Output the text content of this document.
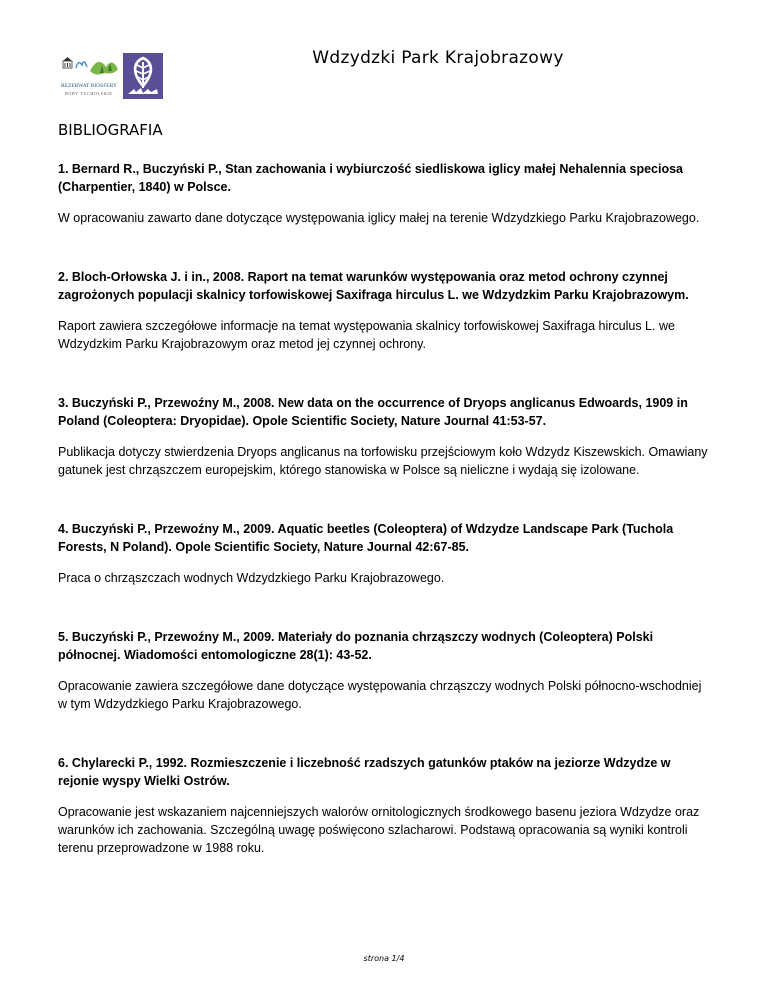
REZERWAT BIOSFERY
BORY TUCHOLSKIE
Wdzydzki Park Krajobrazowy
BIBLIOGRAFIA

1. Bernard R., Buczyński P., Stan zachowania i wybiurczość siedliskowa iglicy małej Nehalennia speciosa (Charpentier, 1840) w Polsce.

W opracowaniu zawarto dane dotyczące występowania iglicy małej na terenie Wdzydzkiego Parku Krajobrazowego.

2. Bloch-Orłowska J. i in., 2008. Raport na temat warunków występowania oraz metod ochrony czynnej zagrożonych populacji skalnicy torfowiskowej Saxifraga hirculus L. we Wdzydzkim Parku Krajobrazowym.

Raport zawiera szczegółowe informacje na temat występowania skalnicy torfowiskowej Saxifraga hirculus L. we Wdzydzkim Parku Krajobrazowym oraz metod jej czynnej ochrony.

3. Buczyński P., Przewoźny M., 2008. New data on the occurrence of Dryops anglicanus Edwoards, 1909 in Poland (Coleoptera: Dryopidae). Opole Scientific Society, Nature Journal 41:53-57.

Publikacja dotyczy stwierdzenia Dryops anglicanus na torfowisku przejściowym koło Wdzydz Kiszewskich. Omawiany gatunek jest chrząszczem europejskim, którego stanowiska w Polsce są nieliczne i wydają się izolowane.

4. Buczyński P., Przewoźny M., 2009. Aquatic beetles (Coleoptera) of Wdzydze Landscape Park (Tuchola Forests, N Poland). Opole Scientific Society, Nature Journal 42:67-85.

Praca o chrząszczach wodnych Wdzydzkiego Parku Krajobrazowego.

5. Buczyński P., Przewoźny M., 2009. Materiały do poznania chrząszczy wodnych (Coleoptera) Polski północnej. Wiadomości entomologiczne 28(1): 43-52.

Opracowanie zawiera szczegółowe dane dotyczące występowania chrząszczy wodnych Polski północno-wschodniej w tym Wdzydzkiego Parku Krajobrazowego.

6. Chylarecki P., 1992. Rozmieszczenie i liczebność rzadszych gatunków ptaków na jeziorze Wdzydze w rejonie wyspy Wielki Ostrów.

Opracowanie jest wskazaniem najcenniejszych walorów ornitologicznych środkowego basenu jeziora Wdzydze oraz warunków ich zachowania. Szczególną uwagę poświęcono szlacharowi. Podstawą opracowania są wyniki kontroli terenu przeprowadzone w 1988 roku.

strona 1/4
